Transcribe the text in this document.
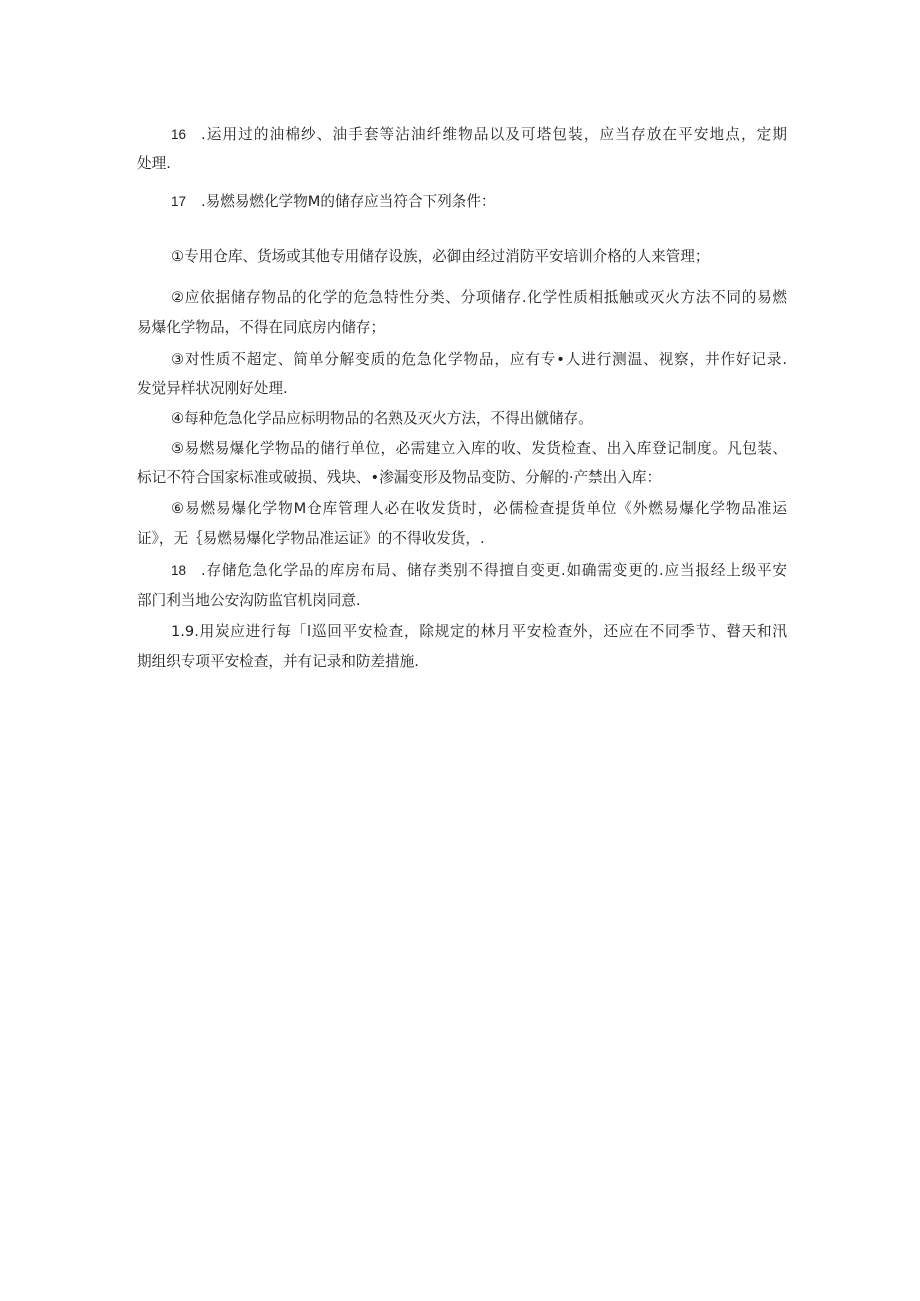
16 .运用过的油棉纱、油手套等沾油纤维物品以及可塔包装，应当存放在平安地点，定期
处理.
17 .易燃易燃化学物M的储存应当符合下列条件：
①专用仓库、货场或其他专用储存设族，必御由经过消防平安培训介格的人来管理；
②应依据储存物品的化学的危急特性分类、分项储存.化学性质相抵触或灭火方法不同的易燃
易爆化学物品，不得在同底房内储存；
③对性质不超定、简单分解变质的危急化学物品，应有专•人进行测温、视察，井作好记录.
发觉异样状况刚好处理.
④每种危急化学品应标明物品的名熟及灭火方法，不得出僦储存。
⑤易燃易爆化学物品的储行单位，必需建立入库的收、发货检查、出入库登记制度。凡包装、
标记不符合国家标准或破损、残块、•渗漏变形及物品变防、分解的·产禁出入库：
⑥易燃易爆化学物M仓库管理人必在收发货时，必儒检查提货单位《外燃易爆化学物品准运
证》，无｛易燃易爆化学物品准运证》的不得收发货，.
18 .存储危急化学品的库房布局、储存类别不得擅自变更.如确需变更的.应当报经上级平安
部门利当地公安沟防监官机岗同意.
1.9.用炭应进行每「l巡回平安检查，除规定的林月平安检查外，还应在不同季节、瞽天和汛
期组织专项平安检查，并有记录和防差措施.
